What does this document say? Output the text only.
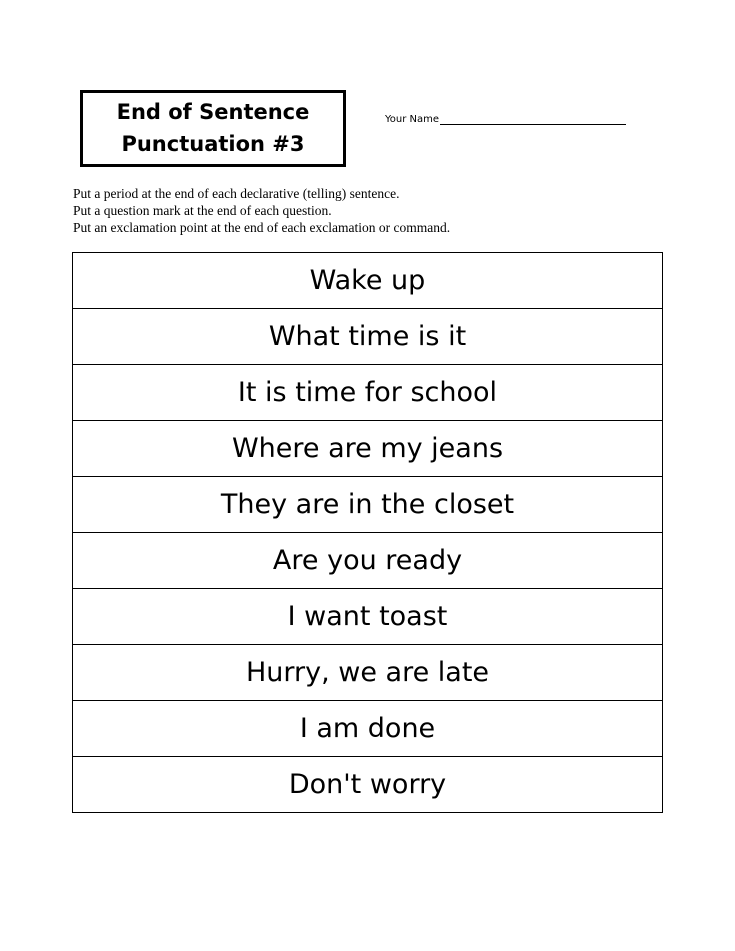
End of Sentence
Punctuation #3
Your Name
Put a period at the end of each declarative (telling) sentence.
Put a question mark at the end of each question.
Put an exclamation point at the end of each exclamation or command.
Wake up
What time is it
It is time for school
Where are my jeans
They are in the closet
Are you ready
I want toast
Hurry, we are late
I am done
Don't worry
